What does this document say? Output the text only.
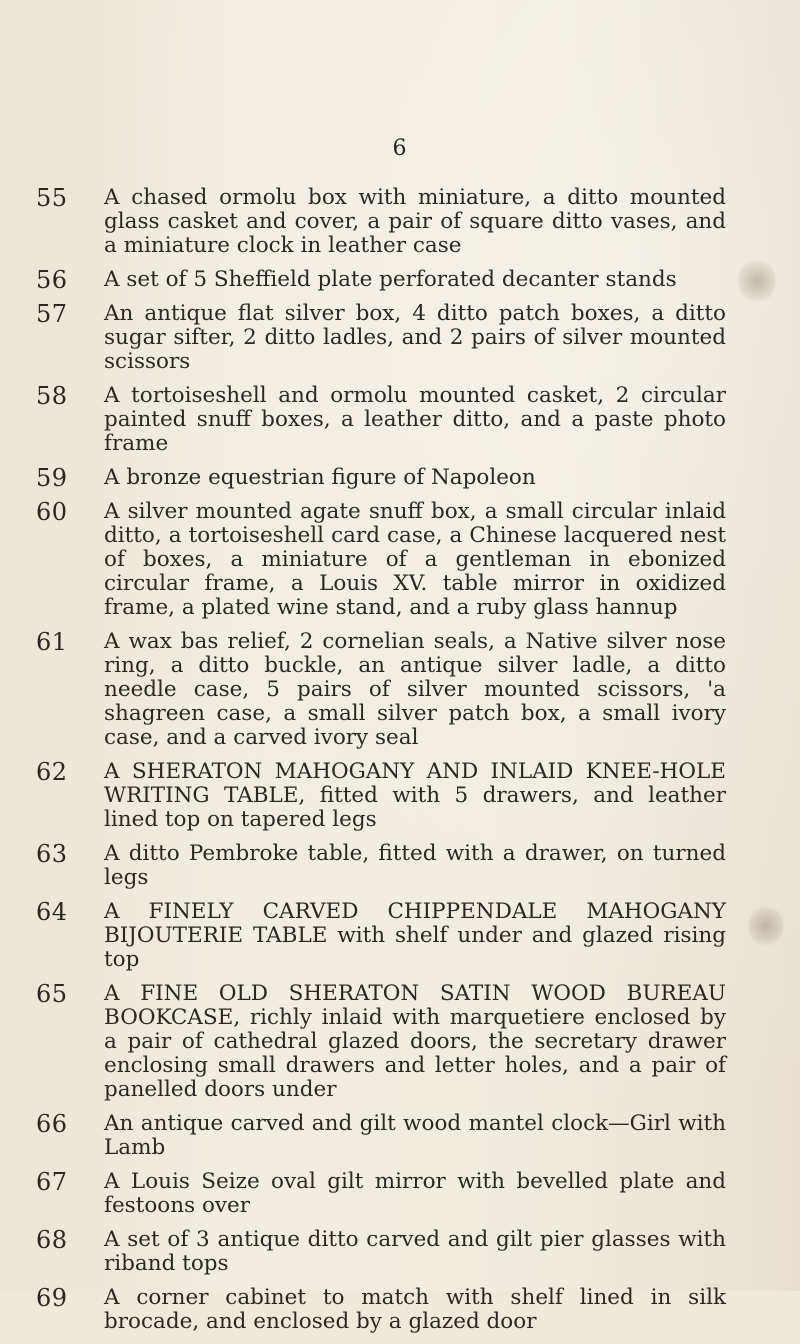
6
55	A chased ormolu box with miniature, a ditto mounted glass casket and cover, a pair of square ditto vases, and a miniature clock in leather case
56	A set of 5 Sheffield plate perforated decanter stands
57	An antique flat silver box, 4 ditto patch boxes, a ditto sugar sifter, 2 ditto ladles, and 2 pairs of silver mounted scissors
58	A tortoiseshell and ormolu mounted casket, 2 circular painted snuff boxes, a leather ditto, and a paste photo frame
59	A bronze equestrian figure of Napoleon
60	A silver mounted agate snuff box, a small circular inlaid ditto, a tortoiseshell card case, a Chinese lacquered nest of boxes, a miniature of a gentleman in ebonized circular frame, a Louis XV. table mirror in oxidized frame, a plated wine stand, and a ruby glass hannup
61	A wax bas relief, 2 cornelian seals, a Native silver nose ring, a ditto buckle, an antique silver ladle, a ditto needle case, 5 pairs of silver mounted scissors, 'a shagreen case, a small silver patch box, a small ivory case, and a carved ivory seal
62	A SHERATON MAHOGANY AND INLAID KNEE-HOLE WRITING TABLE, fitted with 5 drawers, and leather lined top on tapered legs
63	A ditto Pembroke table, fitted with a drawer, on turned legs
64	A FINELY CARVED CHIPPENDALE MAHOGANY BIJOUTERIE TABLE with shelf under and glazed rising top
65	A FINE OLD SHERATON SATIN WOOD BUREAU BOOKCASE, richly inlaid with marquetiere enclosed by a pair of cathedral glazed doors, the secretary drawer enclosing small drawers and letter holes, and a pair of panelled doors under
66	An antique carved and gilt wood mantel clock—Girl with Lamb
67	A Louis Seize oval gilt mirror with bevelled plate and festoons over
68	A set of 3 antique ditto carved and gilt pier glasses with riband tops
69	A corner cabinet to match with shelf lined in silk brocade, and enclosed by a glazed door
